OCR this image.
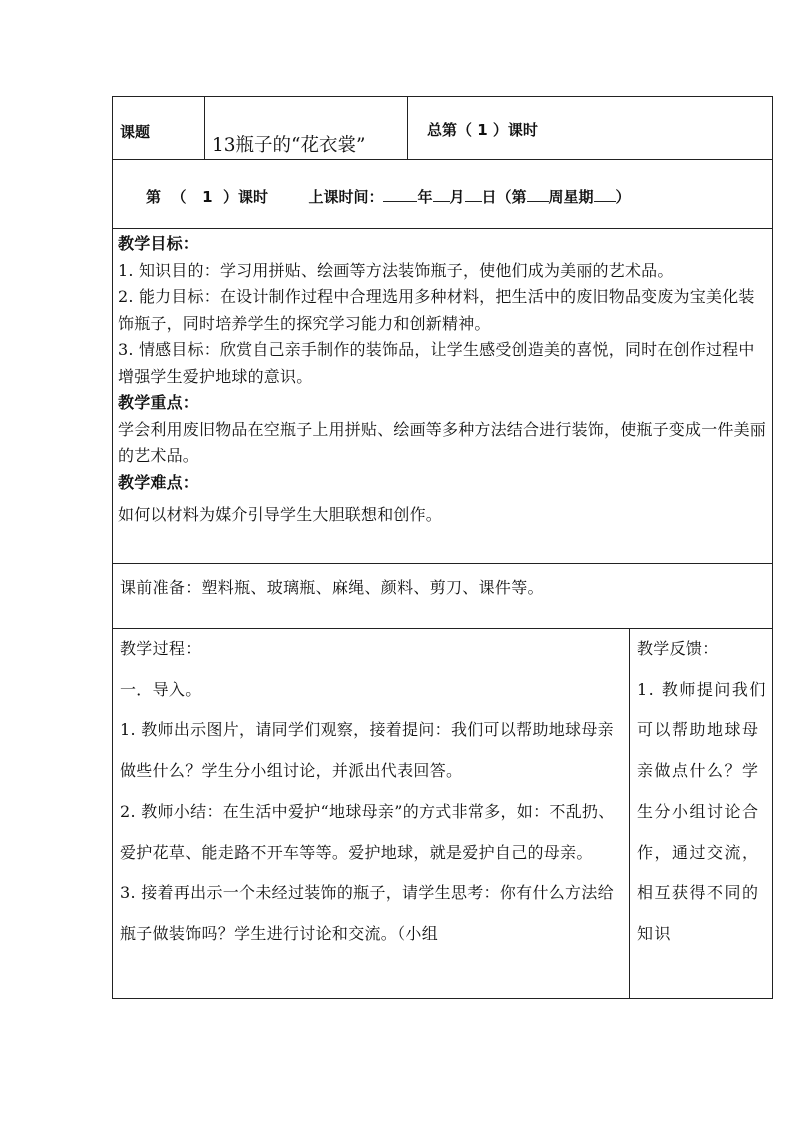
课题
13瓶子的“花衣裳”
总第（ 1 ）课时
第  （   1  ）课时	上课时间： 年 月 日（第 周星期 ）

教学目标：

1. 知识目的：学习用拼贴、绘画等方法装饰瓶子，使他们成为美丽的艺术品。

2. 能力目标：在设计制作过程中合理选用多种材料，把生活中的废旧物品变废为宝美化装饰瓶子，同时培养学生的探究学习能力和创新精神。

3. 情感目标：欣赏自己亲手制作的装饰品，让学生感受创造美的喜悦，同时在创作过程中增强学生爱护地球的意识。

教学重点：

学会利用废旧物品在空瓶子上用拼贴、绘画等多种方法结合进行装饰，使瓶子变成一件美丽的艺术品。

教学难点：

如何以材料为媒介引导学生大胆联想和创作。

课前准备：塑料瓶、玻璃瓶、麻绳、颜料、剪刀、课件等。

教学过程：

一．导入。

1. 教师出示图片，请同学们观察，接着提问：我们可以帮助地球母亲做些什么？学生分小组讨论，并派出代表回答。

2. 教师小结：在生活中爱护“地球母亲”的方式非常多，如：不乱扔、爱护花草、能走路不开车等等。爱护地球，就是爱护自己的母亲。

3. 接着再出示一个未经过装饰的瓶子，请学生思考：你有什么方法给瓶子做装饰吗？学生进行讨论和交流。（小组

教学反馈：

1. 教师提问我们可以帮助地球母亲做点什么？学生分小组讨论合作，通过交流，相互获得不同的知识
